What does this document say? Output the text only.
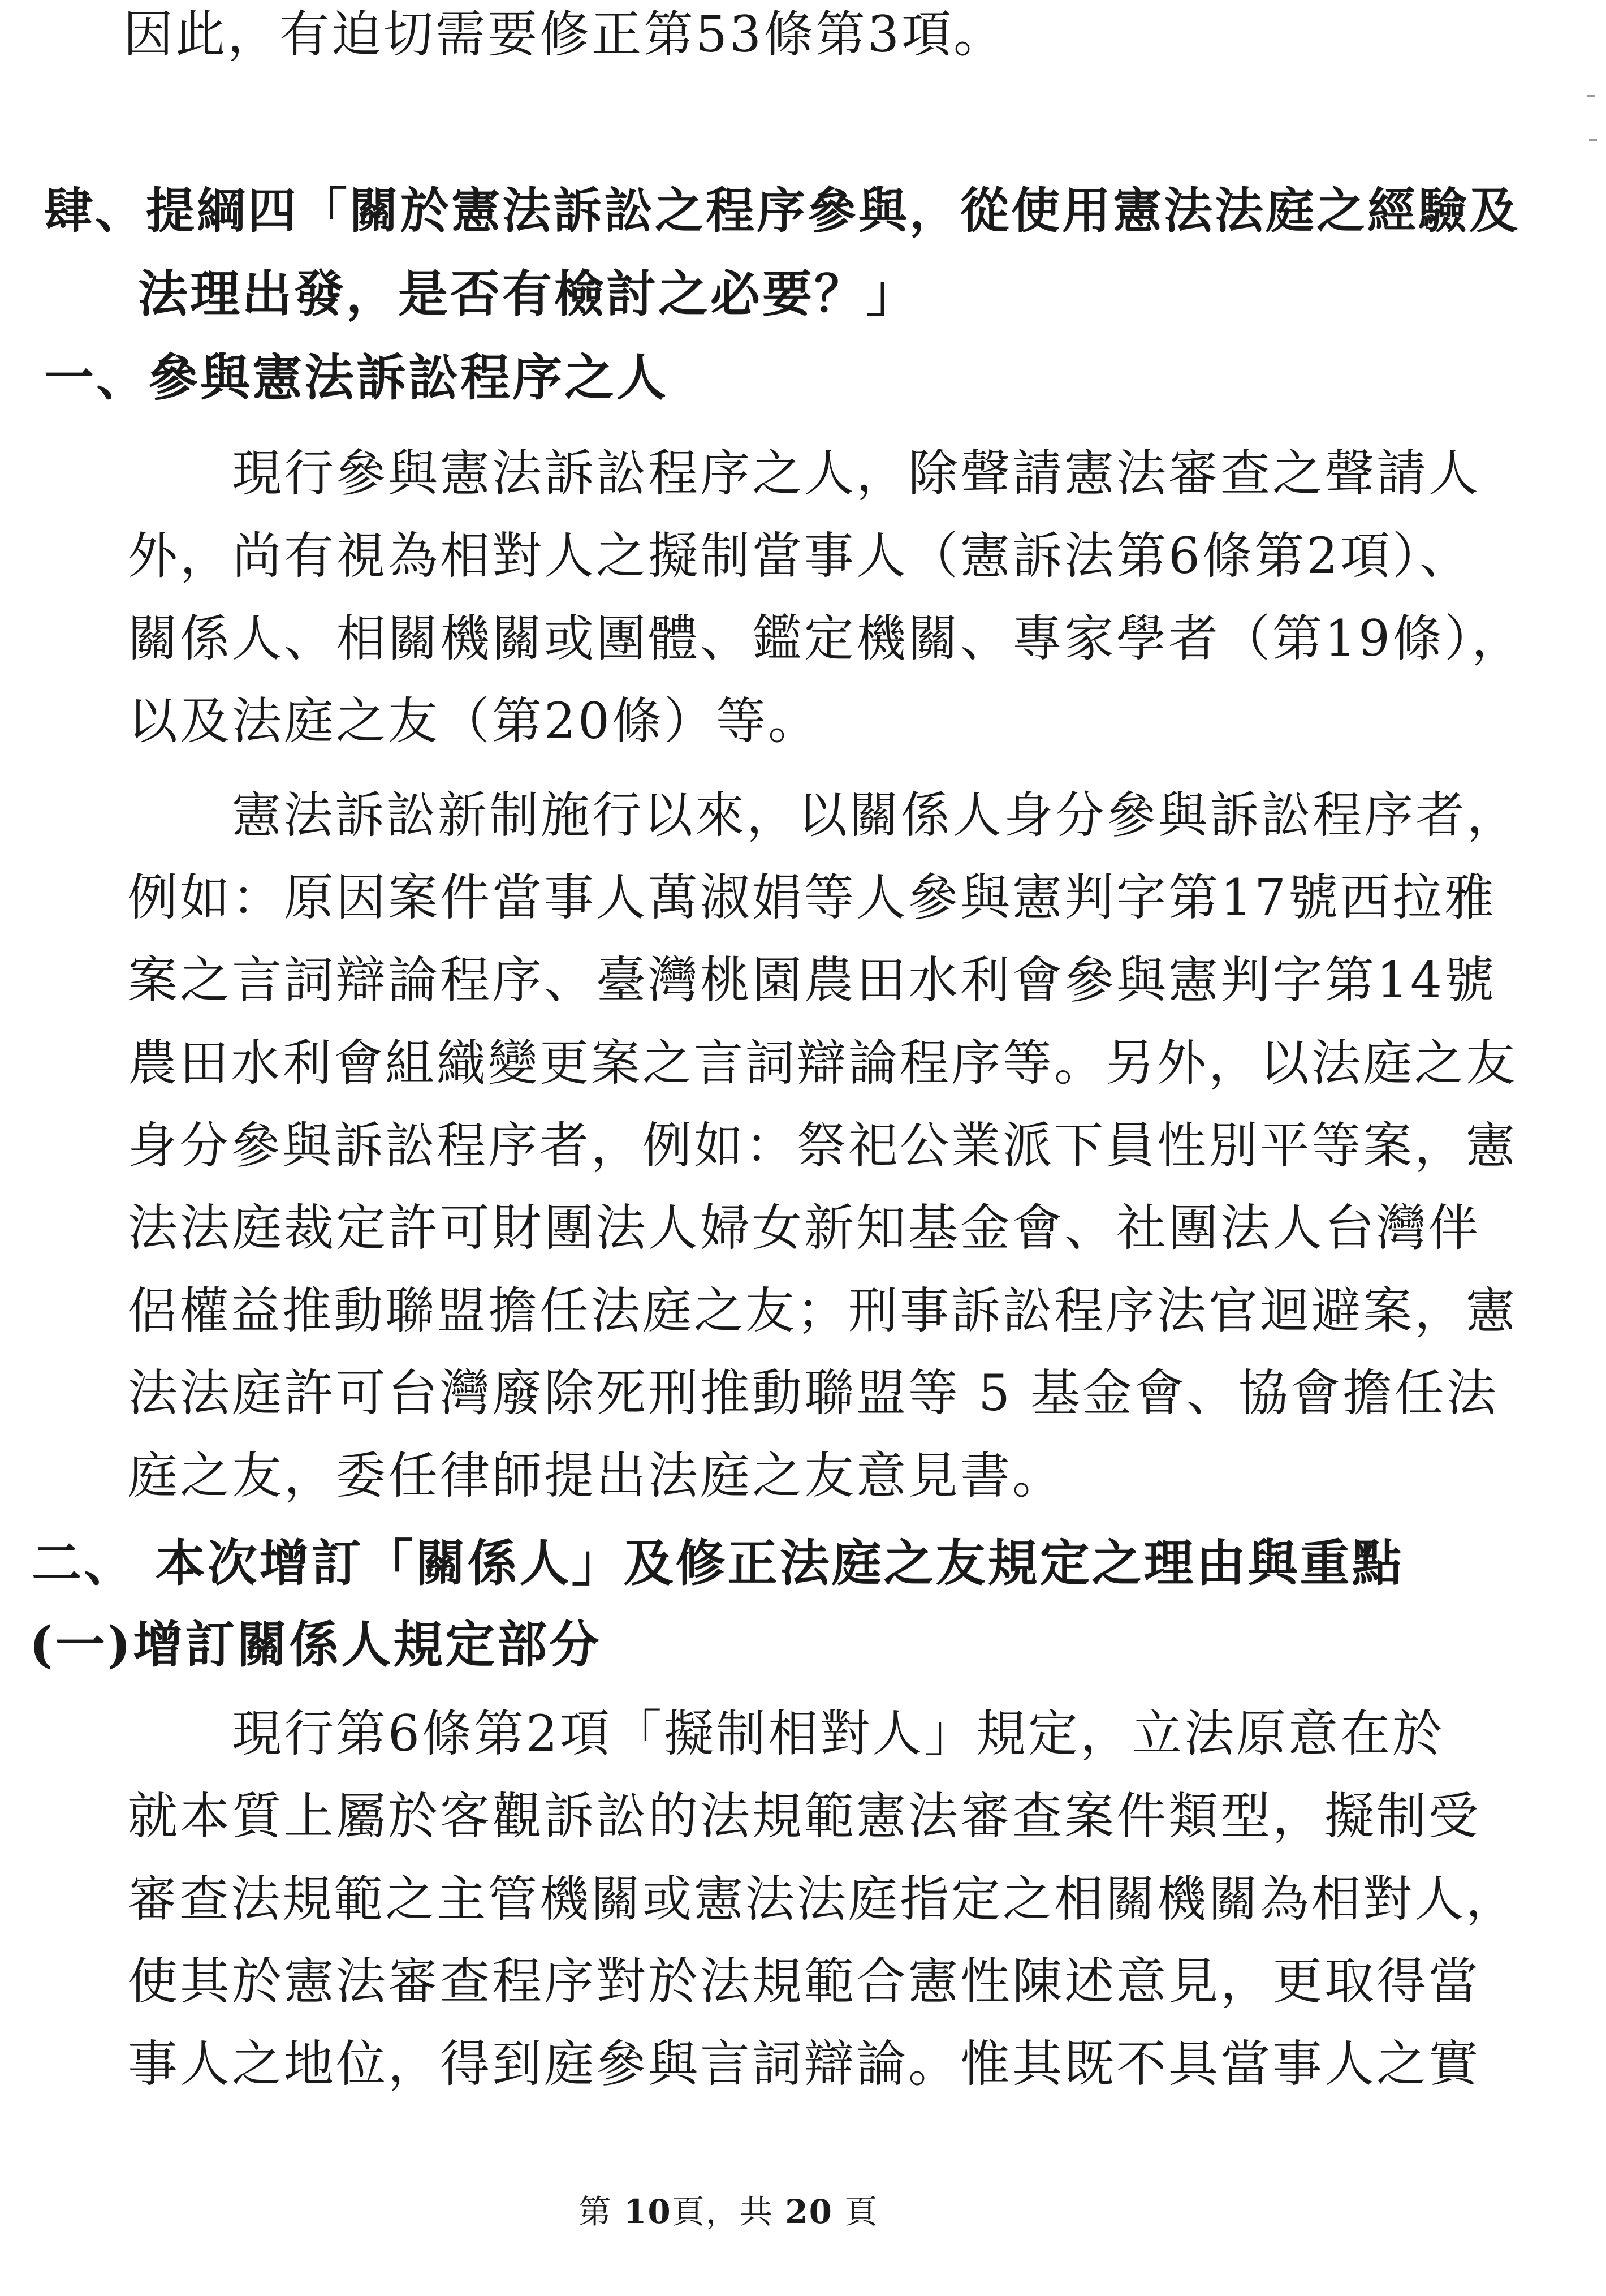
因此，有迫切需要修正第53條第3項。
肆、提綱四「關於憲法訴訟之程序參與，從使用憲法法庭之經驗及
法理出發，是否有檢討之必要？」
一、參與憲法訴訟程序之人
現行參與憲法訴訟程序之人，除聲請憲法審查之聲請人
外，尚有視為相對人之擬制當事人（憲訴法第6條第2項）、
關係人、相關機關或團體、鑑定機關、專家學者（第19條），
以及法庭之友（第20條）等。
憲法訴訟新制施行以來，以關係人身分參與訴訟程序者，
例如：原因案件當事人萬淑娟等人參與憲判字第17號西拉雅
案之言詞辯論程序、臺灣桃園農田水利會參與憲判字第14號
農田水利會組織變更案之言詞辯論程序等。另外，以法庭之友
身分參與訴訟程序者，例如：祭祀公業派下員性別平等案，憲
法法庭裁定許可財團法人婦女新知基金會、社團法人台灣伴
侶權益推動聯盟擔任法庭之友；刑事訴訟程序法官迴避案，憲
法法庭許可台灣廢除死刑推動聯盟等 5 基金會、協會擔任法
庭之友，委任律師提出法庭之友意見書。
二、 本次增訂「關係人」及修正法庭之友規定之理由與重點
(一)增訂關係人規定部分
現行第6條第2項「擬制相對人」規定，立法原意在於
就本質上屬於客觀訴訟的法規範憲法審查案件類型，擬制受
審查法規範之主管機關或憲法法庭指定之相關機關為相對人，
使其於憲法審查程序對於法規範合憲性陳述意見，更取得當
事人之地位，得到庭參與言詞辯論。惟其既不具當事人之實
第 10頁，共 20 頁
